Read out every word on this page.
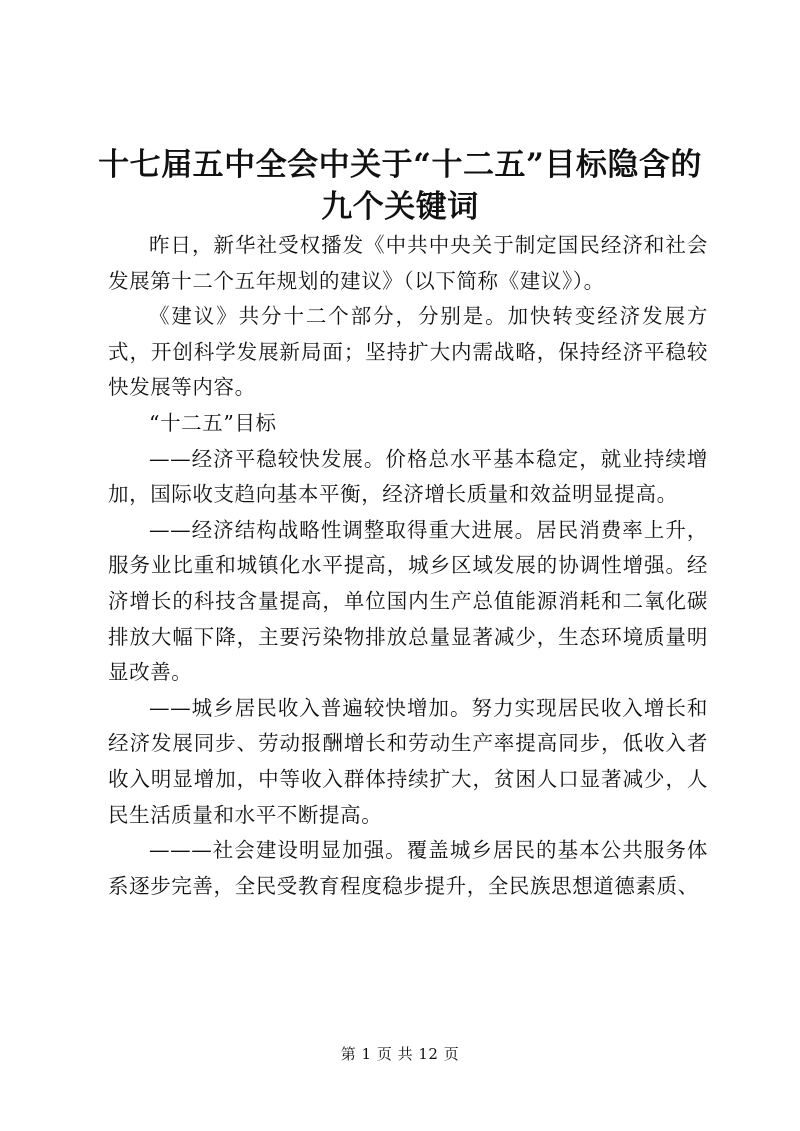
十七届五中全会中关于“十二五”目标隐含的
九个关键词

昨日，新华社受权播发《中共中央关于制定国民经济和社会发展第十二个五年规划的建议》（以下简称《建议》）。

《建议》共分十二个部分，分别是。加快转变经济发展方式，开创科学发展新局面；坚持扩大内需战略，保持经济平稳较快发展等内容。

“十二五”目标

——经济平稳较快发展。价格总水平基本稳定，就业持续增加，国际收支趋向基本平衡，经济增长质量和效益明显提高。

——经济结构战略性调整取得重大进展。居民消费率上升，服务业比重和城镇化水平提高，城乡区域发展的协调性增强。经济增长的科技含量提高，单位国内生产总值能源消耗和二氧化碳排放大幅下降，主要污染物排放总量显著减少，生态环境质量明显改善。

——城乡居民收入普遍较快增加。努力实现居民收入增长和经济发展同步、劳动报酬增长和劳动生产率提高同步，低收入者收入明显增加，中等收入群体持续扩大，贫困人口显著减少，人民生活质量和水平不断提高。

———社会建设明显加强。覆盖城乡居民的基本公共服务体系逐步完善，全民受教育程度稳步提升，全民族思想道德素质、

第 1 页 共 12 页
